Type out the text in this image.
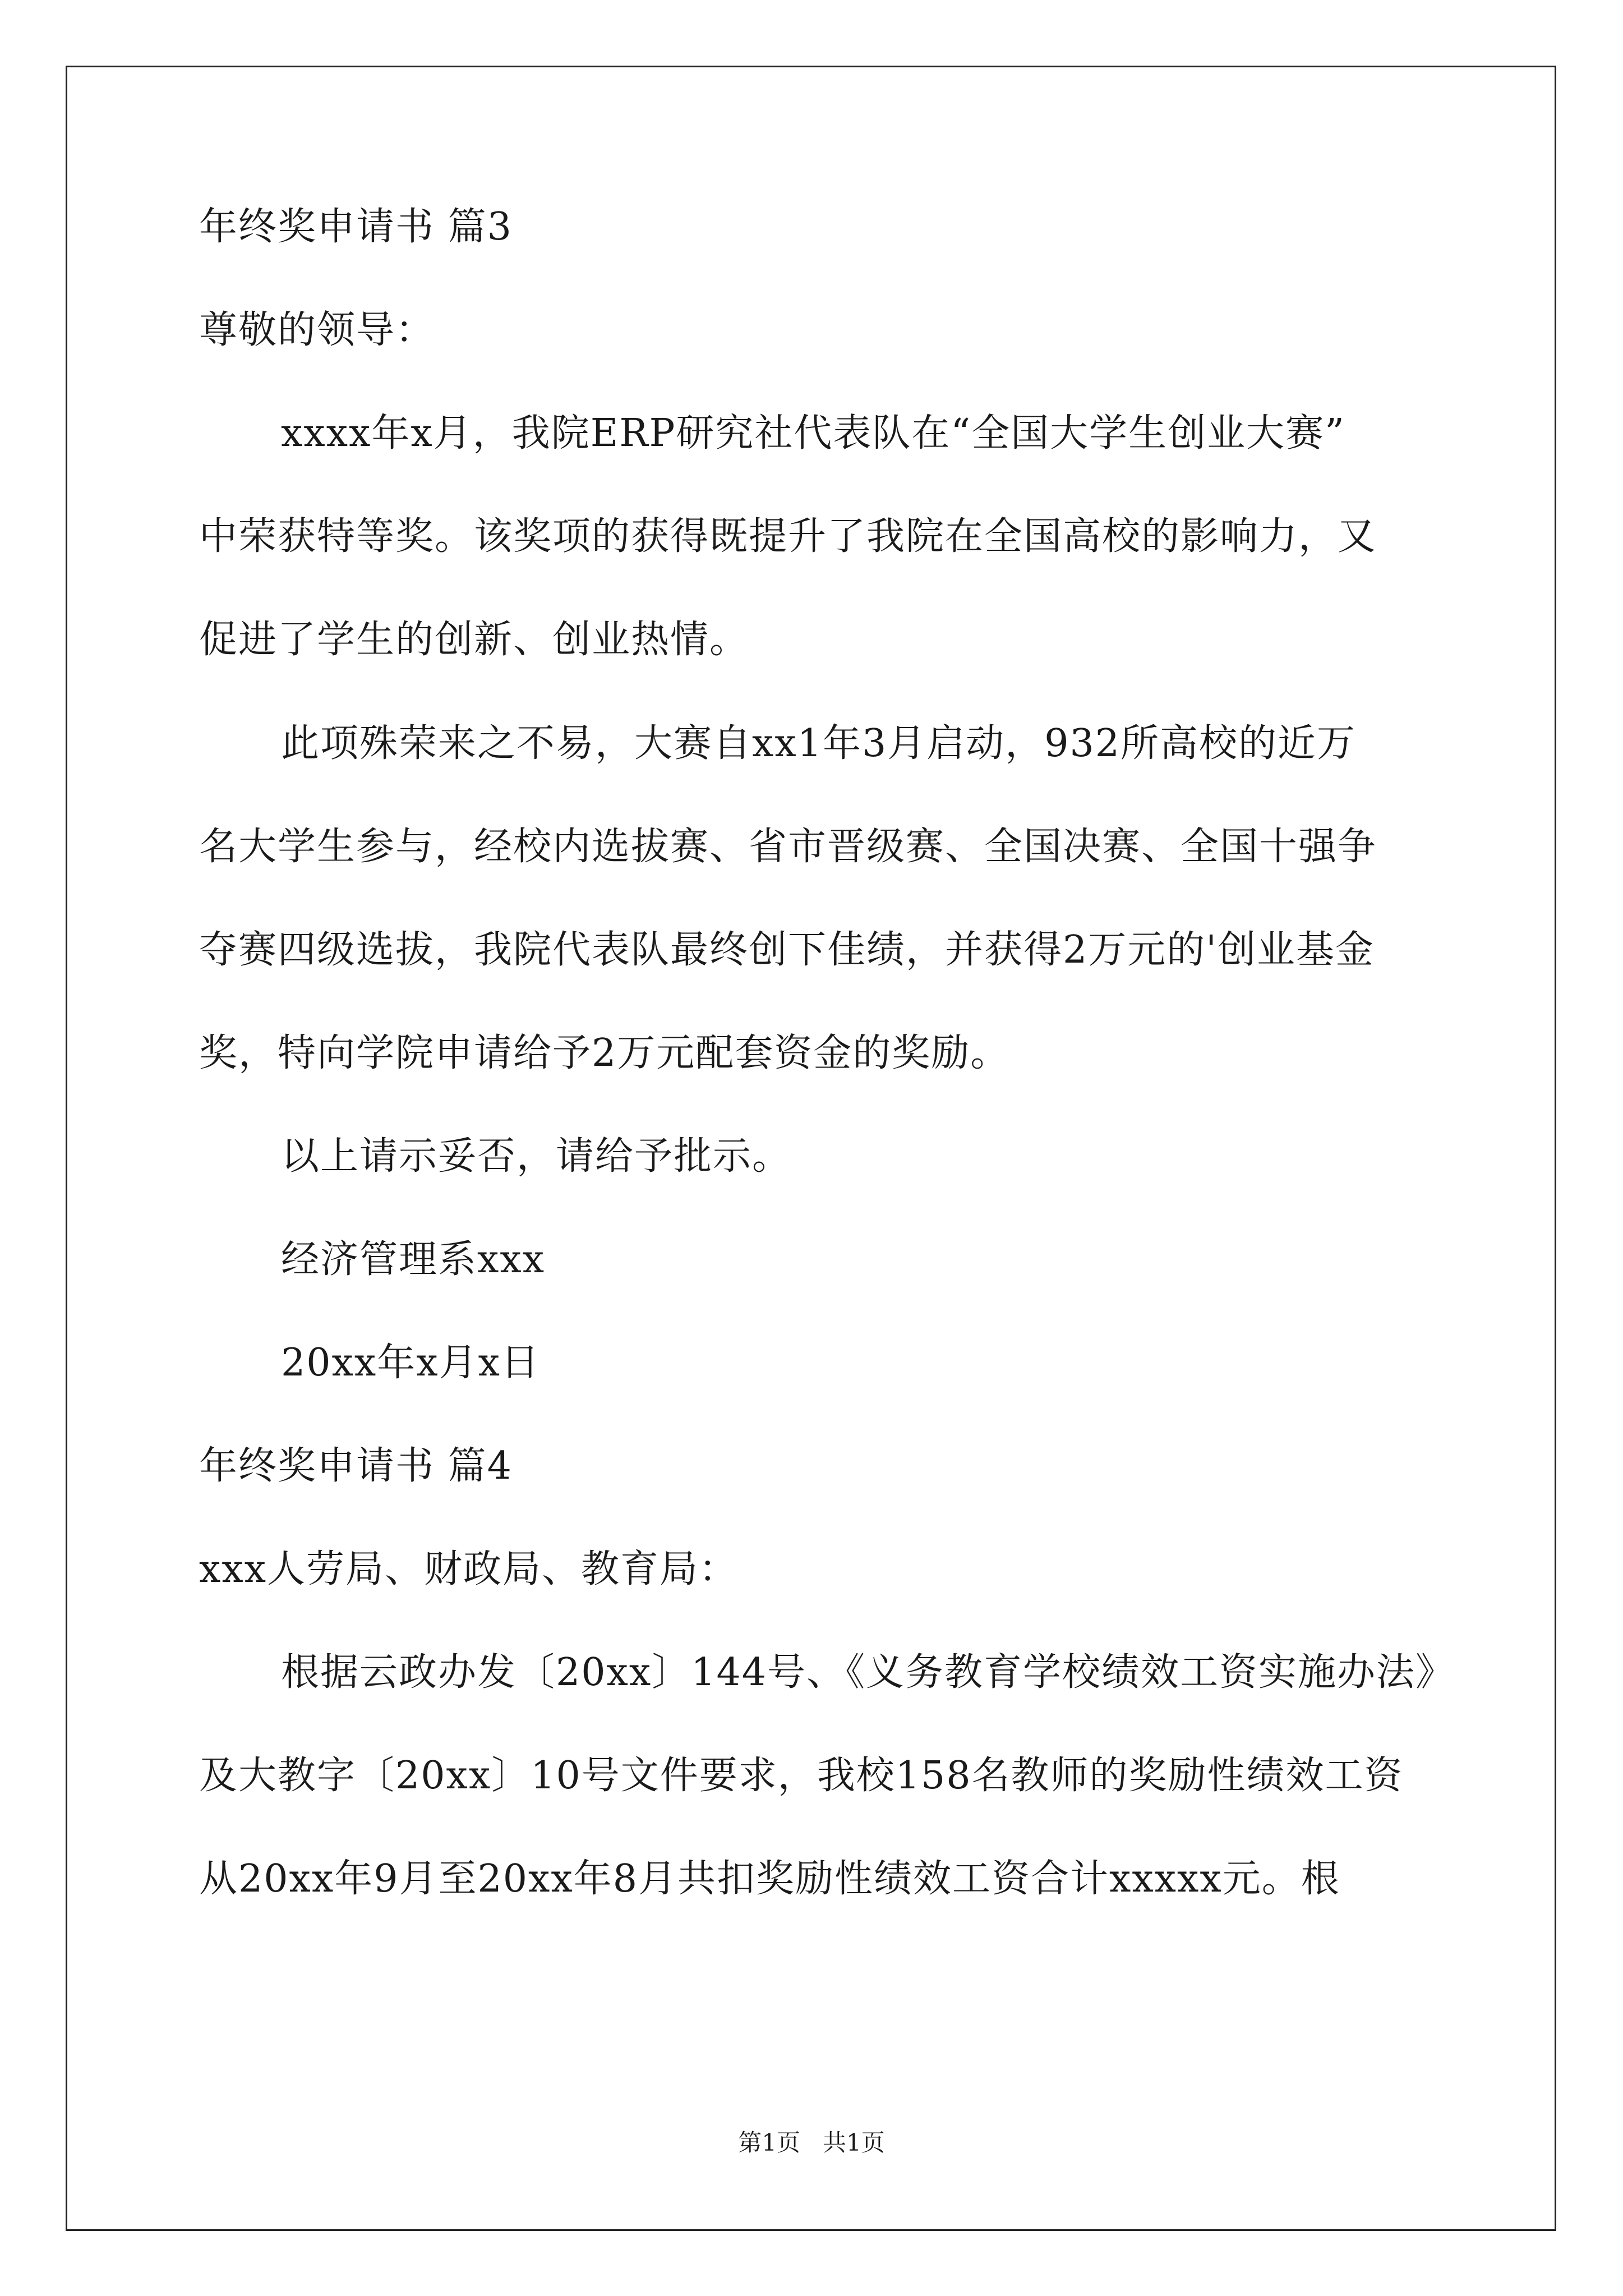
年终奖申请书 篇3
尊敬的领导：
xxxx年x月，我院ERP研究社代表队在“全国大学生创业大赛”
中荣获特等奖。该奖项的获得既提升了我院在全国高校的影响力，又
促进了学生的创新、创业热情。
此项殊荣来之不易，大赛自xx1年3月启动，932所高校的近万
名大学生参与，经校内选拔赛、省市晋级赛、全国决赛、全国十强争
夺赛四级选拔，我院代表队最终创下佳绩，并获得2万元的'创业基金
奖，特向学院申请给予2万元配套资金的奖励。
以上请示妥否，请给予批示。
经济管理系xxx
20xx年x月x日
年终奖申请书 篇4
xxx人劳局、财政局、教育局：
根据云政办发〔20xx〕144号、《义务教育学校绩效工资实施办法》
及大教字〔20xx〕10号文件要求，我校158名教师的奖励性绩效工资
从20xx年9月至20xx年8月共扣奖励性绩效工资合计xxxxx元。根
第1页   共1页
